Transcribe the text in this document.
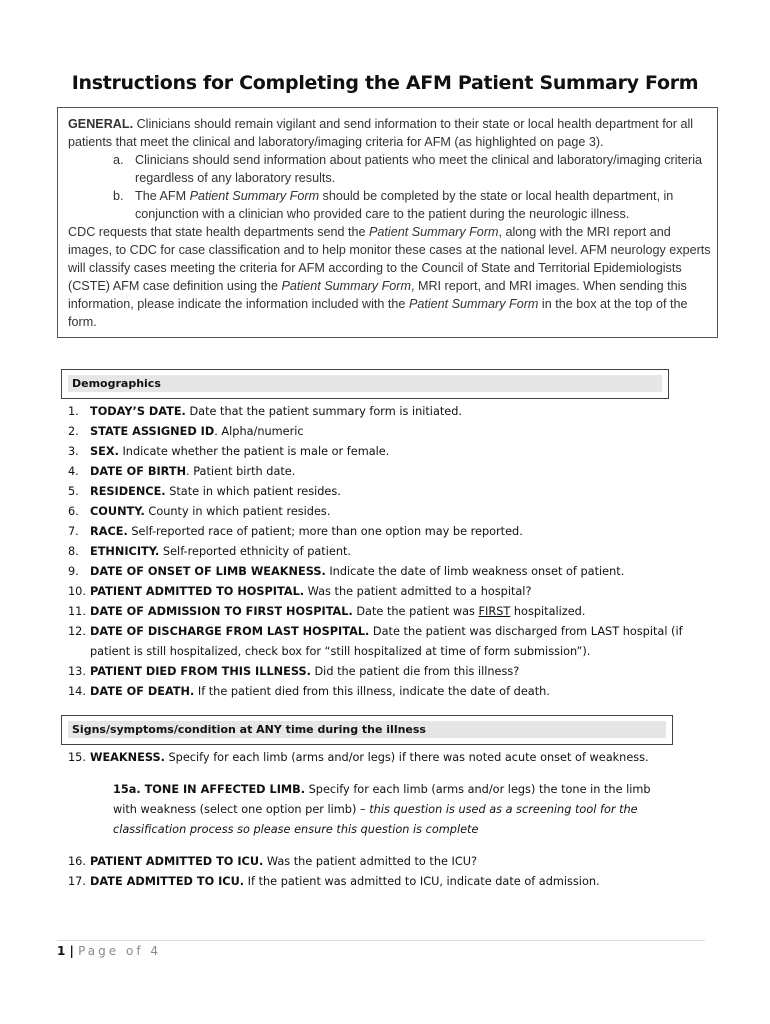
Instructions for Completing the AFM Patient Summary Form

GENERAL. Clinicians should remain vigilant and send information to their state or local health department for all patients that meet the clinical and laboratory/imaging criteria for AFM (as highlighted on page 3).

a. Clinicians should send information about patients who meet the clinical and laboratory/imaging criteria regardless of any laboratory results.
b. The AFM Patient Summary Form should be completed by the state or local health department, in conjunction with a clinician who provided care to the patient during the neurologic illness.

CDC requests that state health departments send the Patient Summary Form, along with the MRI report and images, to CDC for case classification and to help monitor these cases at the national level. AFM neurology experts will classify cases meeting the criteria for AFM according to the Council of State and Territorial Epidemiologists (CSTE) AFM case definition using the Patient Summary Form, MRI report, and MRI images. When sending this information, please indicate the information included with the Patient Summary Form in the box at the top of the form.

Demographics
1. TODAY’S DATE. Date that the patient summary form is initiated.
2. STATE ASSIGNED ID. Alpha/numeric
3. SEX. Indicate whether the patient is male or female.
4. DATE OF BIRTH. Patient birth date.
5. RESIDENCE. State in which patient resides.
6. COUNTY. County in which patient resides.
7. RACE. Self-reported race of patient; more than one option may be reported.
8. ETHNICITY. Self-reported ethnicity of patient.
9. DATE OF ONSET OF LIMB WEAKNESS. Indicate the date of limb weakness onset of patient.
10. PATIENT ADMITTED TO HOSPITAL. Was the patient admitted to a hospital?
11. DATE OF ADMISSION TO FIRST HOSPITAL. Date the patient was FIRST hospitalized.
12. DATE OF DISCHARGE FROM LAST HOSPITAL. Date the patient was discharged from LAST hospital (if patient is still hospitalized, check box for “still hospitalized at time of form submission”).
13. PATIENT DIED FROM THIS ILLNESS. Did the patient die from this illness?
14. DATE OF DEATH. If the patient died from this illness, indicate the date of death.
Signs/symptoms/condition at ANY time during the illness
15. WEAKNESS. Specify for each limb (arms and/or legs) if there was noted acute onset of weakness.
15a. TONE IN AFFECTED LIMB. Specify for each limb (arms and/or legs) the tone in the limb with weakness (select one option per limb) – this question is used as a screening tool for the classification process so please ensure this question is complete
16. PATIENT ADMITTED TO ICU. Was the patient admitted to the ICU?
17. DATE ADMITTED TO ICU. If the patient was admitted to ICU, indicate date of admission.
1 | Page of 4
